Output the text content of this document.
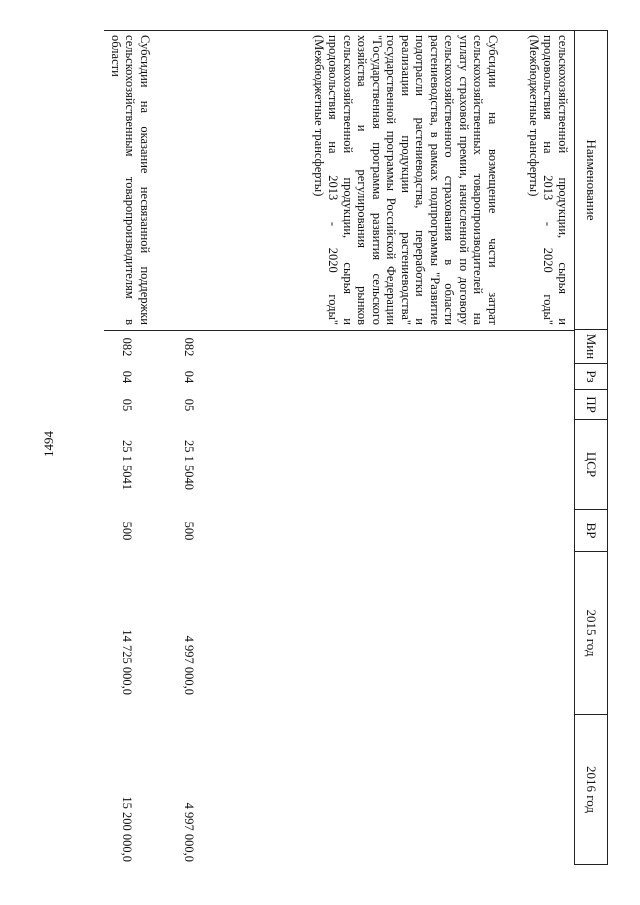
1494
Наименование
Мин
Рз
ПР
ЦСР
ВР
2015 год
2016 год
сельскохозяйственной продукции, сырья и продовольствия на 2013 - 2020 годы" (Межбюджетные трансферты)
Субсидии на возмещение части затрат сельскохозяйственных товаропроизводителей на уплату страховой премии, начисленной по договору сельскохозяйственного страхования в области растениеводства, в рамках подпрограммы "Развитие подотрасли растениеводства, переработки и реализации продукции растениеводства" государственной программы Российской Федерации "Государственная программа развития сельского хозяйства и регулирования рынков сельскохозяйственной продукции, сырья и продовольствия на 2013 - 2020 годы" (Межбюджетные трансферты)
082
04
05
25 1 5040
500
4 997 000,0
4 997 000,0
Субсидии на оказание несвязанной поддержки сельскохозяйственным товаропроизводителям в области
082
04
05
25 1 5041
500
14 725 000,0
15 200 000,0
